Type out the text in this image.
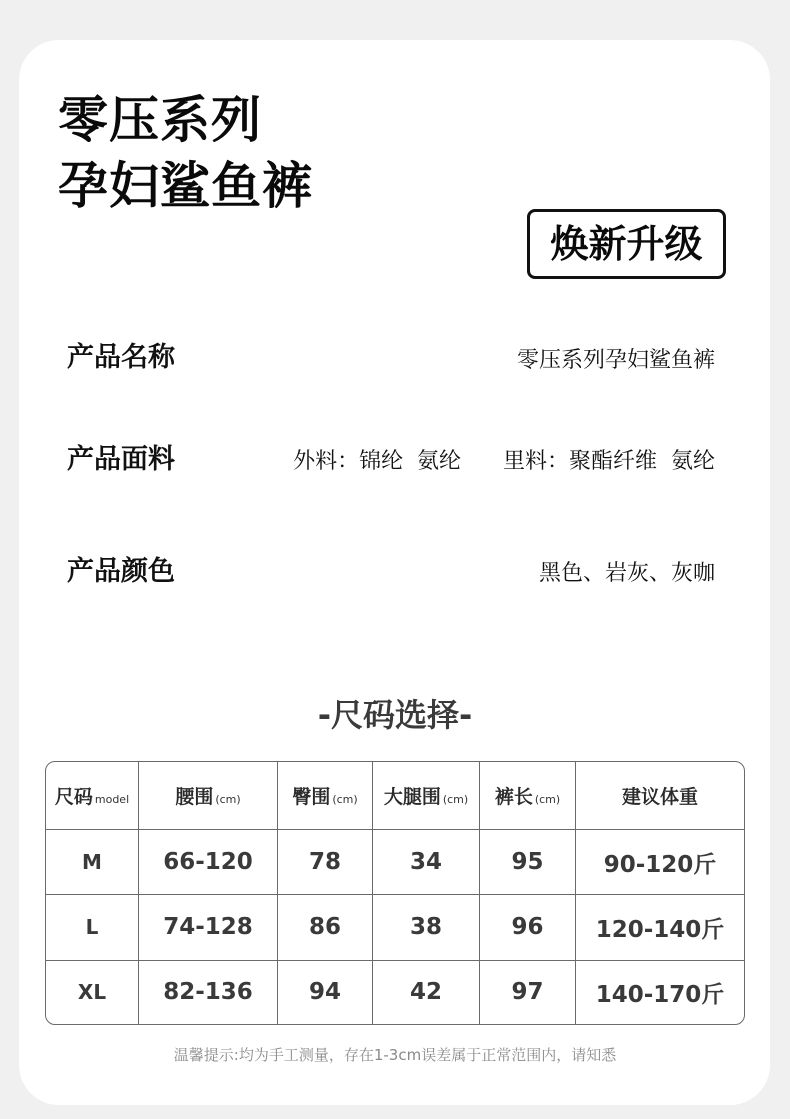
零压系列
孕妇鲨鱼裤
焕新升级
产品名称	零压系列孕妇鲨鱼裤
产品面料	外料：锦纶  氨纶      里料：聚酯纤维  氨纶
产品颜色	黑色、岩灰、灰咖
-尺码选择-
尺码 model	腰围 (cm)	臀围 (cm)	大腿围 (cm)	裤长 (cm)	建议体重
M	66-120	78	34	95	90-120斤
L	74-128	86	38	96	120-140斤
XL	82-136	94	42	97	140-170斤
温馨提示:均为手工测量，存在1-3cm误差属于正常范围内，请知悉
